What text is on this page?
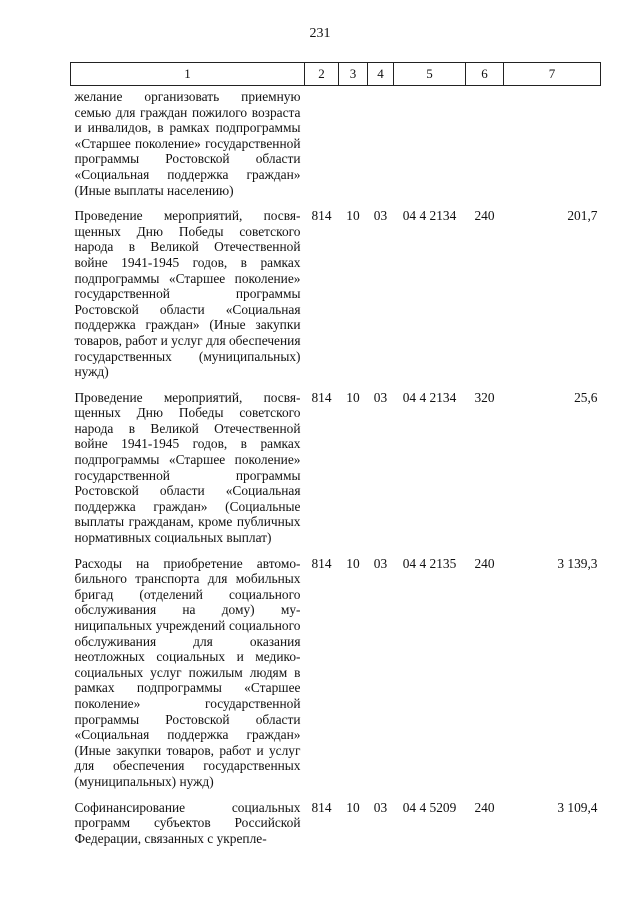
231
1	2	3	4	5	6	7
желание организовать приемную семью для граждан пожилого возраста и инвалидов, в рамках подпрограммы «Старшее поколение» государственной программы Ростовской области «Социальная поддержка граждан» (Иные выплаты населению)						
Проведение мероприятий, посвященных Дню Победы советского народа в Великой Отечественной войне 1941-1945 годов, в рамках подпрограммы «Старшее поколение» государственной программы Ростовской области «Социальная поддержка граждан» (Иные закупки товаров, работ и услуг для обеспечения государственных (муниципальных) нужд)	814	10	03	04 4 2134	240	201,7
Проведение мероприятий, посвященных Дню Победы советского народа в Великой Отечественной войне 1941-1945 годов, в рамках подпрограммы «Старшее поколение» государственной программы Ростовской области «Социальная поддержка граждан» (Социальные выплаты гражданам, кроме публичных нормативных социальных выплат)	814	10	03	04 4 2134	320	25,6
Расходы на приобретение автомобильного транспорта для мобильных бригад (отделений социального обслуживания на дому) муниципальных учреждений социального обслуживания для оказания неотложных социальных и медико-социальных услуг пожилым людям в рамках подпрограммы «Старшее поколение» государственной программы Ростовской области «Социальная поддержка граждан» (Иные закупки товаров, работ и услуг для обеспечения государственных (муниципальных) нужд)	814	10	03	04 4 2135	240	3 139,3
Софинансирование социальных программ субъектов Российской Федерации, связанных с укрепле-	814	10	03	04 4 5209	240	3 109,4
